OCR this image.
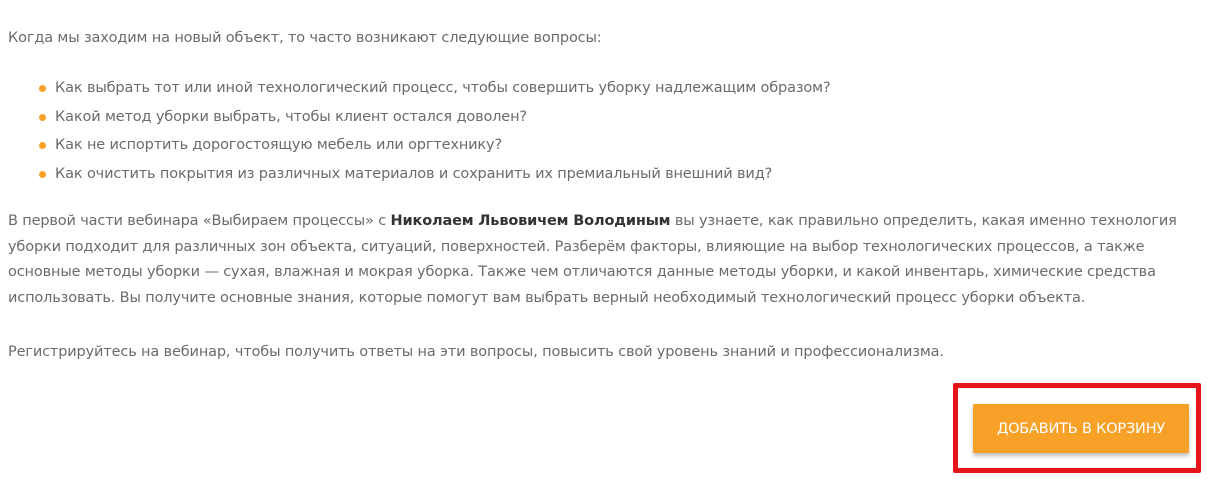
Когда мы заходим на новый объект, то часто возникают следующие вопросы:

Как выбрать тот или иной технологический процесс, чтобы совершить уборку надлежащим образом?
Какой метод уборки выбрать, чтобы клиент остался доволен?
Как не испортить дорогостоящую мебель или оргтехнику?
Как очистить покрытия из различных материалов и сохранить их премиальный внешний вид?

В первой части вебинара «Выбираем процессы» с Николаем Львовичем Володиным вы узнаете, как правильно определить, какая именно технология уборки подходит для различных зон объекта, ситуаций, поверхностей. Разберём факторы, влияющие на выбор технологических процессов, а также основные методы уборки — сухая, влажная и мокрая уборка. Также чем отличаются данные методы уборки, и какой инвентарь, химические средства использовать. Вы получите основные знания, которые помогут вам выбрать верный необходимый технологический процесс уборки объекта.

Регистрируйтесь на вебинар, чтобы получить ответы на эти вопросы, повысить свой уровень знаний и профессионализма.

ДОБАВИТЬ В КОРЗИНУ
